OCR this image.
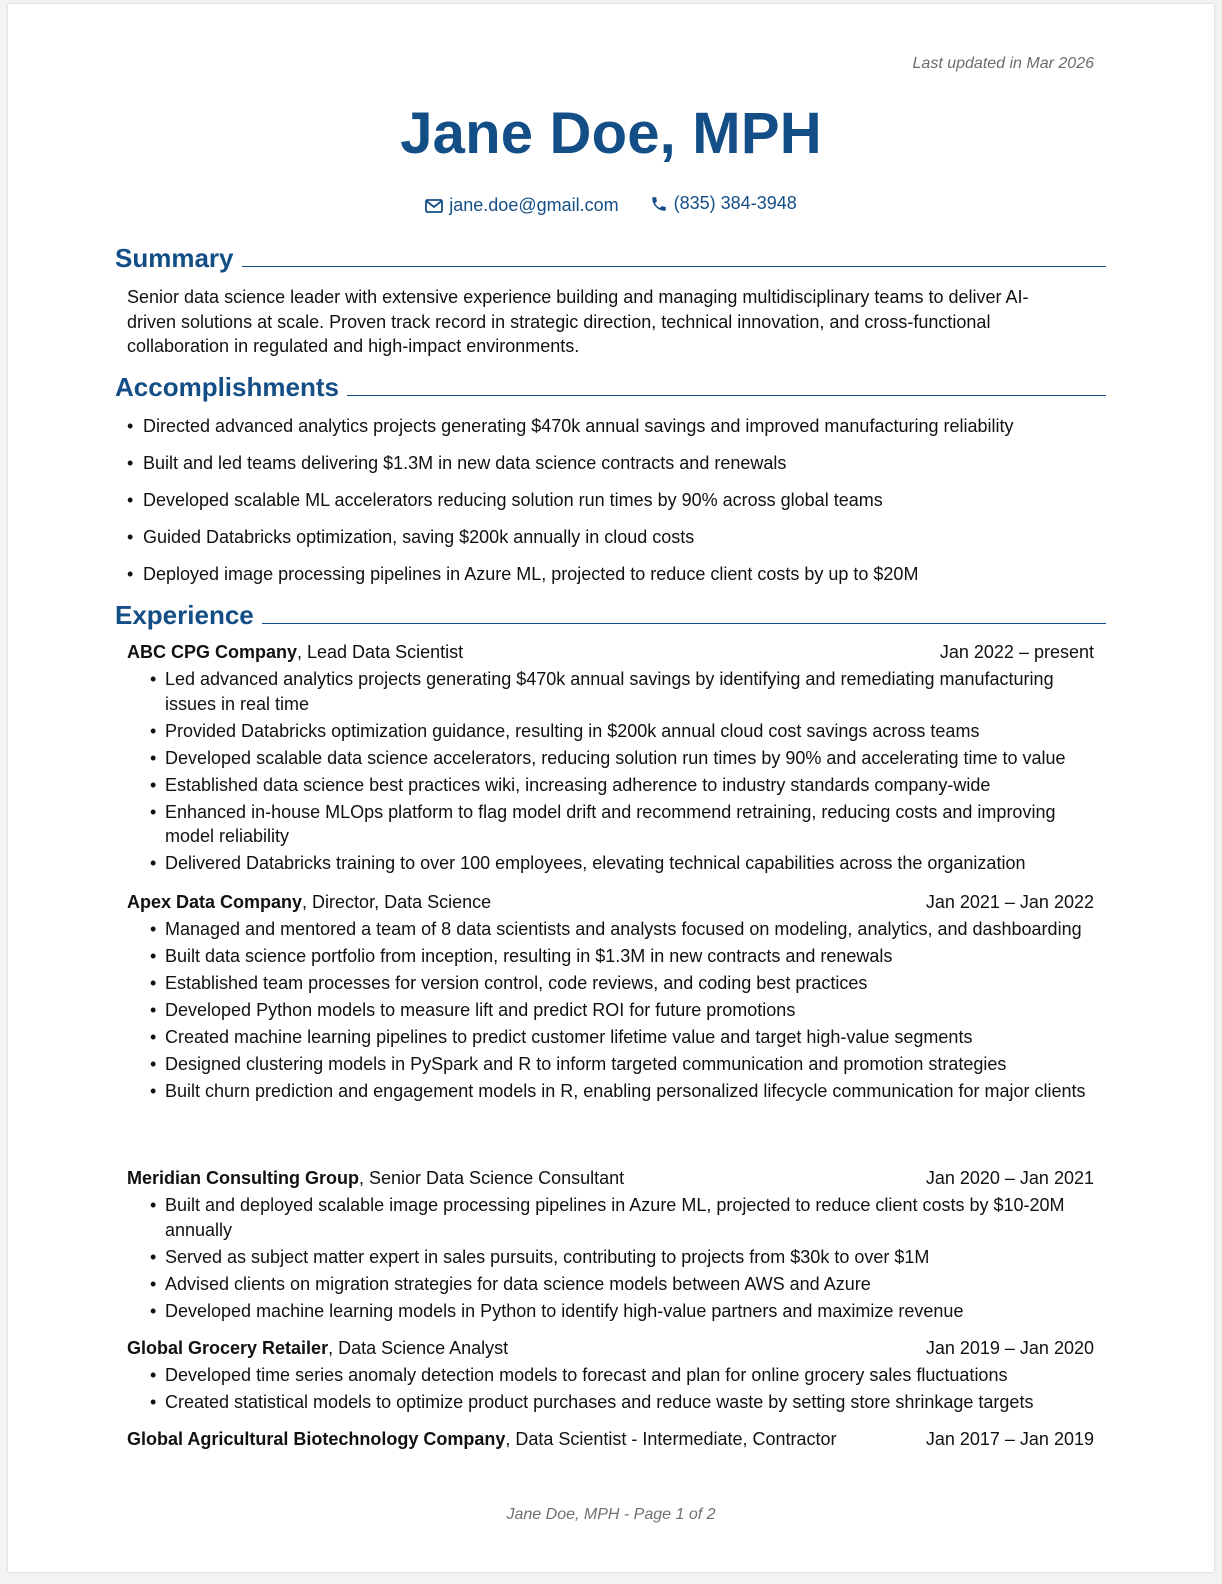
Last updated in Mar 2026
Jane Doe, MPH
jane.doe@gmail.com
	(835) 384-3948
Summary
Senior data science leader with extensive experience building and managing multidisciplinary teams to deliver AI-driven solutions at scale. Proven track record in strategic direction, technical innovation, and cross-functional collaboration in regulated and high-impact environments.
Accomplishments
• Directed advanced analytics projects generating $470k annual savings and improved manufacturing reliability
• Built and led teams delivering $1.3M in new data science contracts and renewals
• Developed scalable ML accelerators reducing solution run times by 90% across global teams
• Guided Databricks optimization, saving $200k annually in cloud costs
• Deployed image processing pipelines in Azure ML, projected to reduce client costs by up to $20M
Experience
ABC CPG Company, Lead Data Scientist	Jan 2022 – present
• Led advanced analytics projects generating $470k annual savings by identifying and remediating manufacturing issues in real time
• Provided Databricks optimization guidance, resulting in $200k annual cloud cost savings across teams
• Developed scalable data science accelerators, reducing solution run times by 90% and accelerating time to value
• Established data science best practices wiki, increasing adherence to industry standards company-wide
• Enhanced in-house MLOps platform to flag model drift and recommend retraining, reducing costs and improving model reliability
• Delivered Databricks training to over 100 employees, elevating technical capabilities across the organization
Apex Data Company, Director, Data Science	Jan 2021 – Jan 2022
• Managed and mentored a team of 8 data scientists and analysts focused on modeling, analytics, and dashboarding
• Built data science portfolio from inception, resulting in $1.3M in new contracts and renewals
• Established team processes for version control, code reviews, and coding best practices
• Developed Python models to measure lift and predict ROI for future promotions
• Created machine learning pipelines to predict customer lifetime value and target high-value segments
• Designed clustering models in PySpark and R to inform targeted communication and promotion strategies
• Built churn prediction and engagement models in R, enabling personalized lifecycle communication for major clients
Meridian Consulting Group, Senior Data Science Consultant	Jan 2020 – Jan 2021
• Built and deployed scalable image processing pipelines in Azure ML, projected to reduce client costs by $10-20M annually
• Served as subject matter expert in sales pursuits, contributing to projects from $30k to over $1M
• Advised clients on migration strategies for data science models between AWS and Azure
• Developed machine learning models in Python to identify high-value partners and maximize revenue
Global Grocery Retailer, Data Science Analyst	Jan 2019 – Jan 2020
• Developed time series anomaly detection models to forecast and plan for online grocery sales fluctuations
• Created statistical models to optimize product purchases and reduce waste by setting store shrinkage targets
Global Agricultural Biotechnology Company, Data Scientist - Intermediate, Contractor	Jan 2017 – Jan 2019
Jane Doe, MPH - Page 1 of 2
